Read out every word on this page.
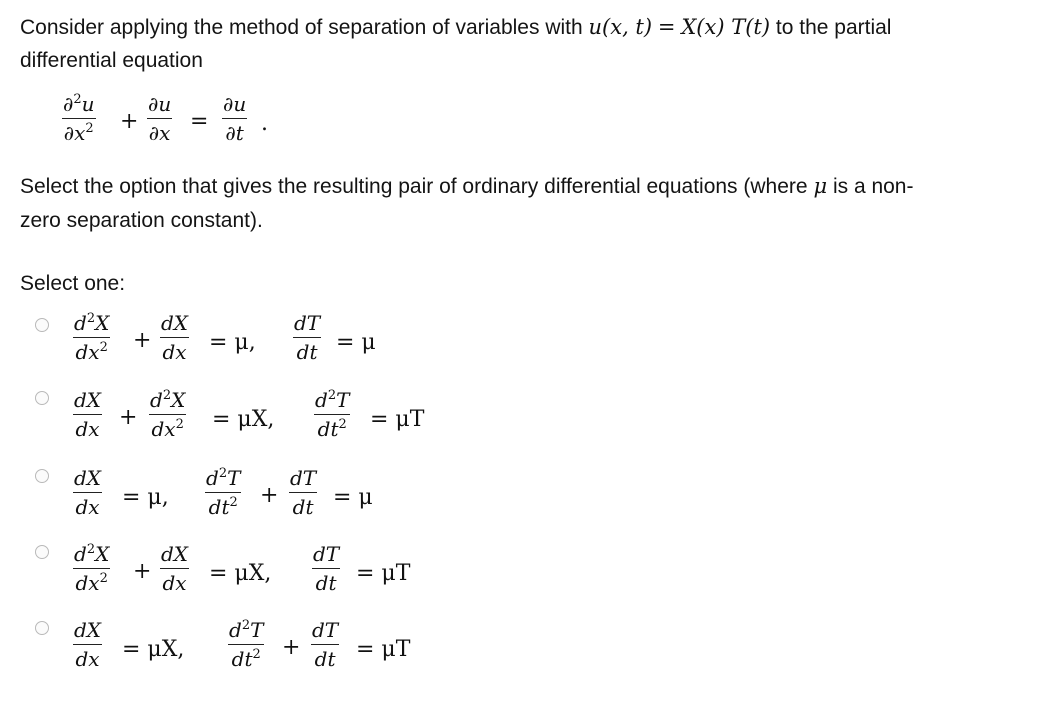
Consider applying the method of separation of variables with u(x, t) = X(x) T(t) to the partial
differential equation
∂$^2$u
$\partial x^2$ +
∂u
∂x =
∂u
∂t .
Select the option that gives the resulting pair of ordinary differential equations (where μ is a non-
zero separation constant).
Select one:
$d^2X$
$dx^2$ +
dX
dx = μ,
dT
dt = μ
dX
dx +
$d^2X$
$dx^2 = \mu X$,
$d^2T$
$dt^2 = \mu T$
dX
dx = μ,
$d^2T$
$dt^2$ +
dT
dt = μ
$d^2X$
$dx^2$ +
dX
dx = μX,
dT
dt = μT
dX
dx = μX,
$d^2T$
$dt^2$ +
dT
dt = μT
